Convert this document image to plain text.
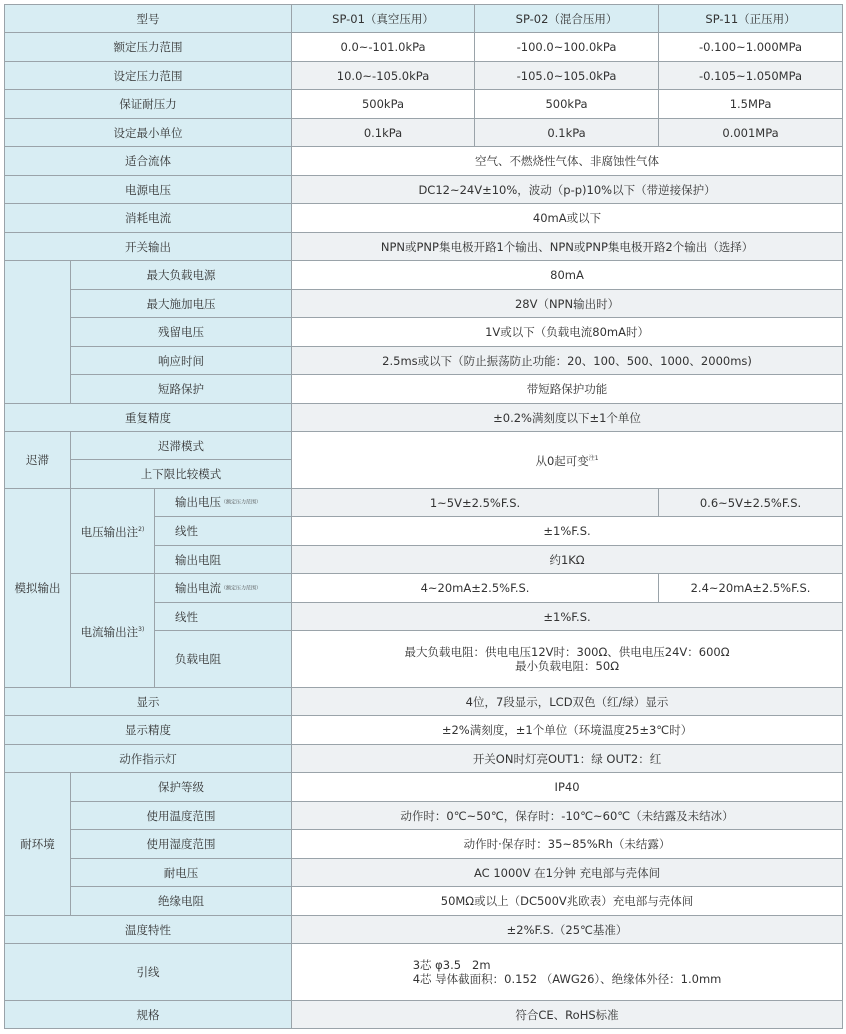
型号			SP-01（真空压用）	SP-02（混合压用）	SP-11（正压用）
额定压力范围			0.0~-101.0kPa	-100.0~100.0kPa	-0.100~1.000MPa
设定压力范围			10.0~-105.0kPa	-105.0~105.0kPa	-0.105~1.050MPa
保证耐压力			500kPa	500kPa	1.5MPa
设定最小单位			0.1kPa	0.1kPa	0.001MPa
适合流体			空气、不燃烧性气体、非腐蚀性气体		
电源电压			DC12~24V±10%，波动（p-p)10%以下（带逆接保护）		
消耗电流			40mA或以下		
开关输出			NPN或PNP集电极开路1个输出、NPN或PNP集电极开路2个输出（选择）		
	最大负载电源		80mA		
	最大施加电压		28V（NPN输出时）		
	残留电压		1V或以下（负载电流80mA时）		
	响应时间		2.5ms或以下（防止振荡防止功能：20、100、500、1000、2000ms)		
	短路保护		带短路保护功能		
重复精度			±0.2%满刻度以下±1个单位		
迟滞	迟滞模式		从0起可变$^{注1}$
	上下限比较模式				
模拟输出	电压输出注$^{2)}$	输出电压（额定压力范围）	1~5V±2.5%F.S.		0.6~5V±2.5%F.S.
		线性	±1%F.S.		
		输出电阻	约1KΩ		
	电流输出注$^{3)}$	输出电流（额定压力范围）	4~20mA±2.5%F.S.		2.4~20mA±2.5%F.S.
		线性	±1%F.S.		
		负载电阻	最大负载电阻：供电电压12V时：300Ω、供电电压24V：600Ω
最小负载电阻：50Ω		

显示			4位，7段显示，LCD双色（红/绿）显示		
显示精度			±2%满刻度，±1个单位（环境温度25±3℃时）		
动作指示灯			开关ON时灯亮OUT1：绿 OUT2：红		
耐环境	保护等级		IP40		
	使用温度范围		动作时：0℃~50℃，保存时：-10℃~60℃（未结露及未结冰）		
	使用湿度范围		动作时·保存时：35~85%Rh（未结露）		
	耐电压		AC 1000V 在1分钟 充电部与壳体间		
	绝缘电阻		50MΩ或以上（DC500V兆欧表）充电部与壳体间		
温度特性			±2%F.S.（25℃基准）		
引线			3芯 φ3.5   2m
4芯 导体截面积：0.152 （AWG26）、绝缘体外径：1.0mm		

规格			符合CE、RoHS标准		
